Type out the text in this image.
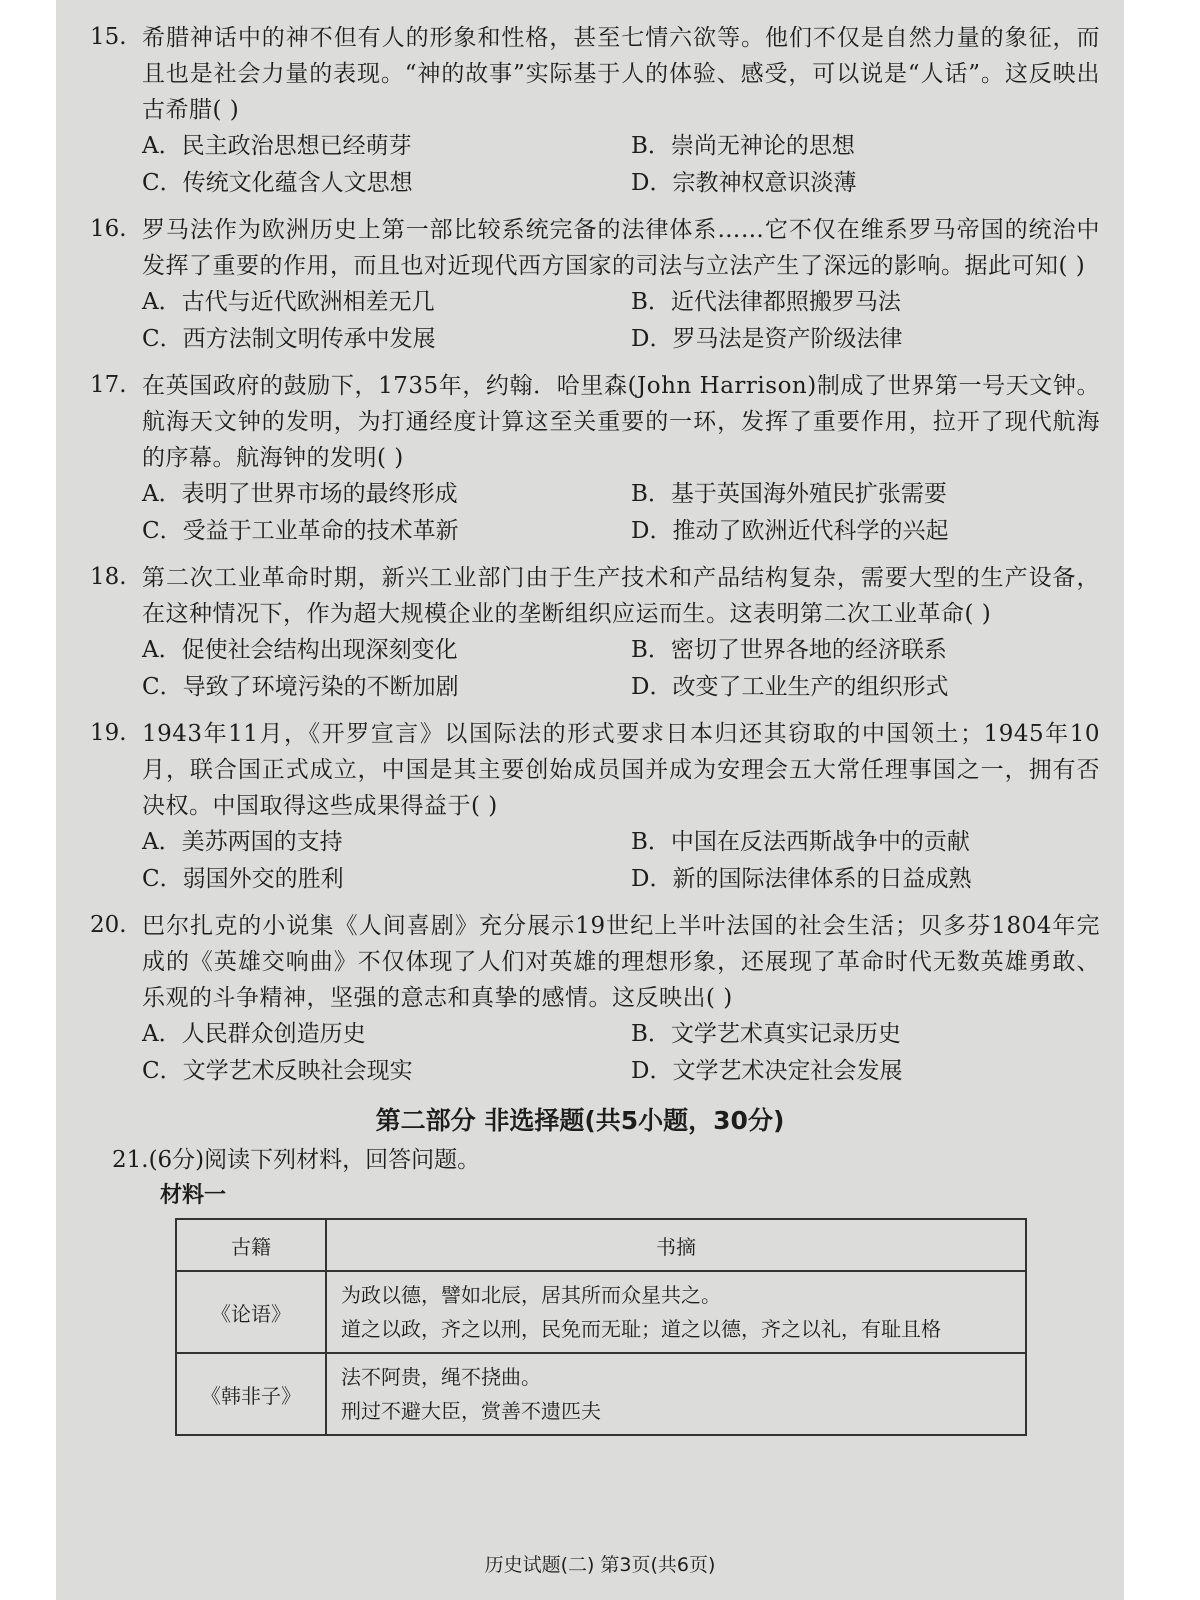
15. 希腊神话中的神不但有人的形象和性格，甚至七情六欲等。他们不仅是自然力量的象征，而且也是社会力量的表现。“神的故事”实际基于人的体验、感受，可以说是“人话”。这反映出古希腊( )
A．民主政治思想已经萌芽	B．崇尚无神论的思想
C．传统文化蕴含人文思想	D．宗教神权意识淡薄
16. 罗马法作为欧洲历史上第一部比较系统完备的法律体系……它不仅在维系罗马帝国的统治中发挥了重要的作用，而且也对近现代西方国家的司法与立法产生了深远的影响。据此可知( )
A．古代与近代欧洲相差无几	B．近代法律都照搬罗马法
C．西方法制文明传承中发展	D．罗马法是资产阶级法律
17. 在英国政府的鼓励下，1735年，约翰．哈里森(John Harrison)制成了世界第一号天文钟。航海天文钟的发明，为打通经度计算这至关重要的一环，发挥了重要作用，拉开了现代航海的序幕。航海钟的发明( )
A．表明了世界市场的最终形成	B．基于英国海外殖民扩张需要
C．受益于工业革命的技术革新	D．推动了欧洲近代科学的兴起
18. 第二次工业革命时期，新兴工业部门由于生产技术和产品结构复杂，需要大型的生产设备，在这种情况下，作为超大规模企业的垄断组织应运而生。这表明第二次工业革命( )
A．促使社会结构出现深刻变化	B．密切了世界各地的经济联系
C．导致了环境污染的不断加剧	D．改变了工业生产的组织形式
19. 1943年11月，《开罗宣言》以国际法的形式要求日本归还其窃取的中国领土；1945年10月，联合国正式成立，中国是其主要创始成员国并成为安理会五大常任理事国之一，拥有否决权。中国取得这些成果得益于( )
A．美苏两国的支持	B．中国在反法西斯战争中的贡献
C．弱国外交的胜利	D．新的国际法律体系的日益成熟
20. 巴尔扎克的小说集《人间喜剧》充分展示19世纪上半叶法国的社会生活；贝多芬1804年完成的《英雄交响曲》不仅体现了人们对英雄的理想形象，还展现了革命时代无数英雄勇敢、乐观的斗争精神，坚强的意志和真挚的感情。这反映出( )
A．人民群众创造历史	B．文学艺术真实记录历史
C．文学艺术反映社会现实	D．文学艺术决定社会发展
第二部分 非选择题(共5小题，30分)
21.(6分)阅读下列材料，回答问题。
材料一
古籍	书摘
《论语》	为政以德，譬如北辰，居其所而众星共之。
道之以政，齐之以刑，民免而无耻；道之以德，齐之以礼，有耻且格

《韩非子》	法不阿贵，绳不挠曲。
刑过不避大臣，赏善不遗匹夫
历史试题(二) 第3页(共6页)
